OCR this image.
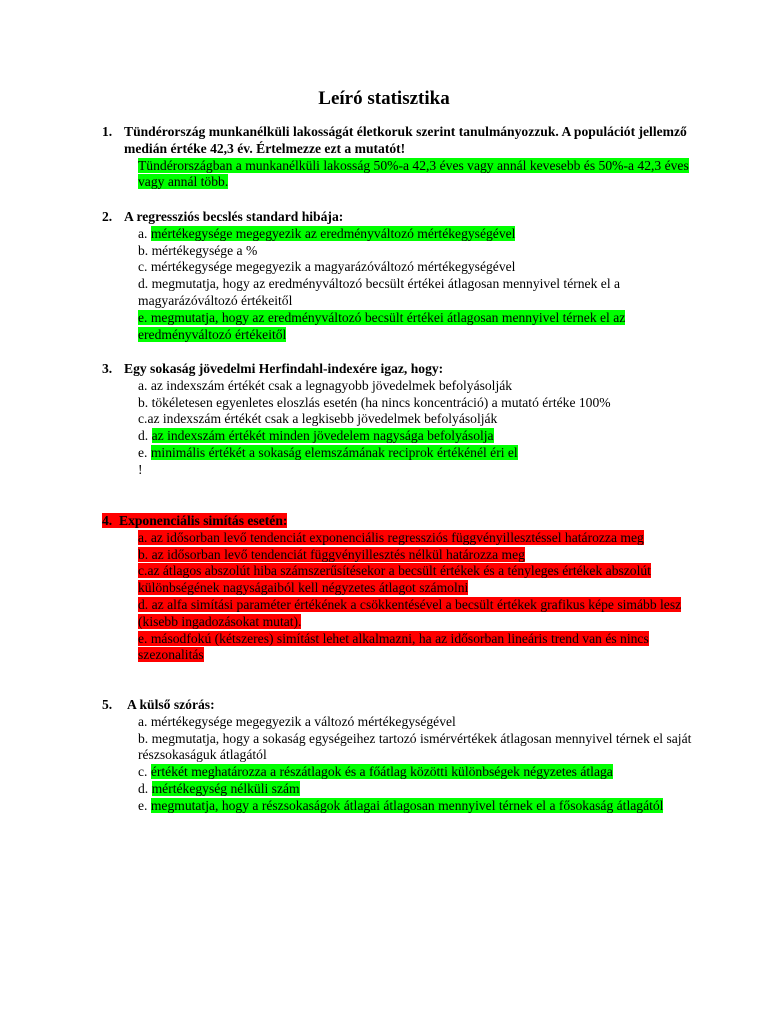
Leíró statisztika
1. Tündérország munkanélküli lakosságát életkoruk szerint tanulmányozzuk. A populációt jellemző medián értéke 42,3 év. Értelmezze ezt a mutatót!
Tündérországban a munkanélküli lakosság 50%-a 42,3 éves vagy annál kevesebb és 50%-a 42,3 éves vagy annál több.
2. A regressziós becslés standard hibája:
a. mértékegysége megegyezik az eredményváltozó mértékegységével
b. mértékegysége a %
c. mértékegysége megegyezik a magyarázóváltozó mértékegységével
d. megmutatja, hogy az eredményváltozó becsült értékei átlagosan mennyivel térnek el a magyarázóváltozó értékeitől
e. megmutatja, hogy az eredményváltozó becsült értékei átlagosan mennyivel térnek el az eredményváltozó értékeitől
3. Egy sokaság jövedelmi Herfindahl-indexére igaz, hogy:
a. az indexszám értékét csak a legnagyobb jövedelmek befolyásolják
b. tökéletesen egyenletes eloszlás esetén (ha nincs koncentráció) a mutató értéke 100%
c.az indexszám értékét csak a legkisebb jövedelmek befolyásolják
d. az indexszám értékét minden jövedelem nagysága befolyásolja
e. minimális értékét a sokaság elemszámának reciprok értékénél éri el
!
4. Exponenciális simítás esetén:
a. az idősorban levő tendenciát exponenciális regressziós függvényillesztéssel határozza meg
b. az idősorban levő tendenciát függvényillesztés nélkül határozza meg
c.az átlagos abszolút hiba számszerűsítésekor a becsült értékek és a tényleges értékek abszolút különbségének nagyságaiból kell négyzetes átlagot számolni
d. az alfa simítási paraméter értékének a csökkentésével a becsült értékek grafikus képe simább lesz (kisebb ingadozásokat mutat).
e. másodfokú (kétszeres) simítást lehet alkalmazni, ha az idősorban lineáris trend van és nincs szezonalitás
5.	A külső szórás:
a. mértékegysége megegyezik a változó mértékegységével
b. megmutatja, hogy a sokaság egységeihez tartozó ismérvértékek átlagosan mennyivel térnek el saját részsokaságuk átlagától
c. értékét meghatározza a részátlagok és a főátlag közötti különbségek négyzetes átlaga
d. mértékegység nélküli szám
e. megmutatja, hogy a részsokaságok átlagai átlagosan mennyivel térnek el a fősokaság átlagától
